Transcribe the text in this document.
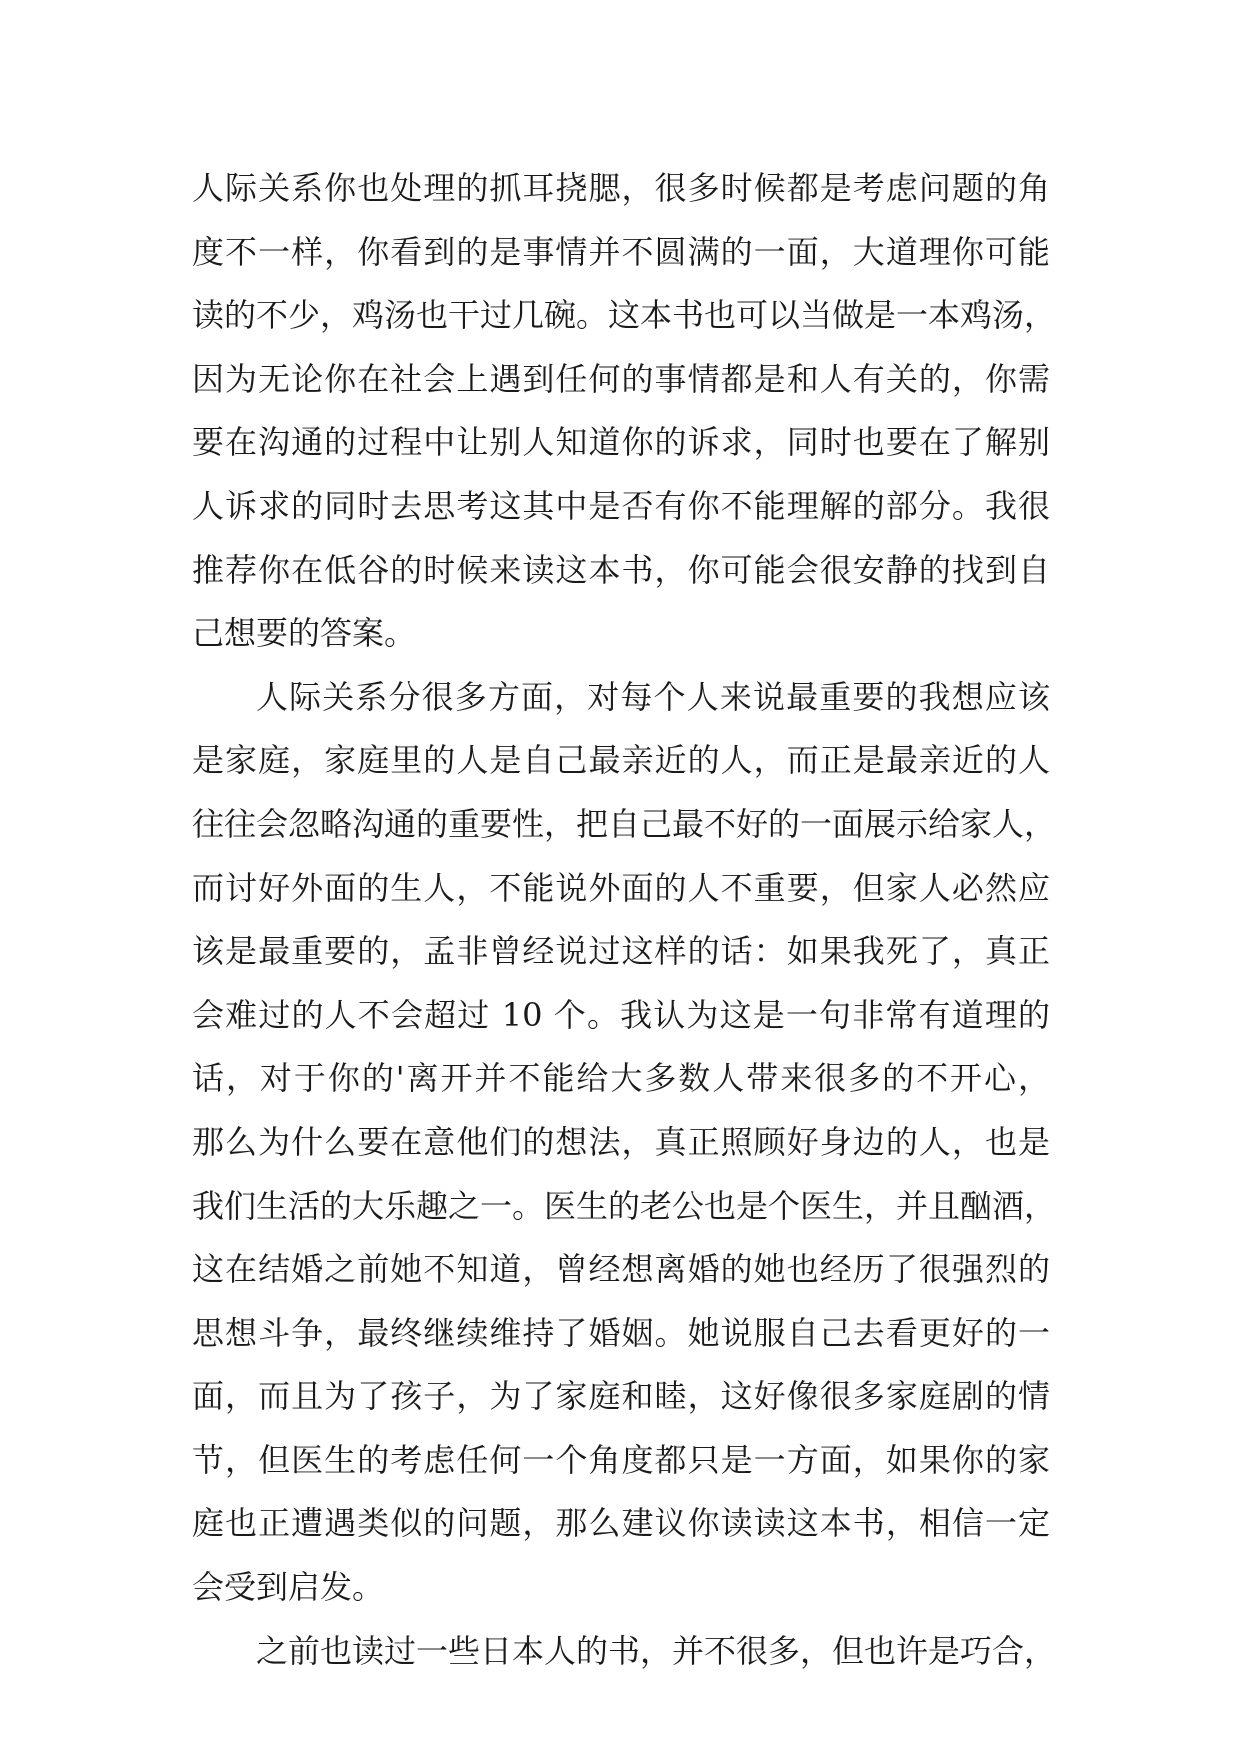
人际关系你也处理的抓耳挠腮，很多时候都是考虑问题的角
度不一样，你看到的是事情并不圆满的一面，大道理你可能
读的不少，鸡汤也干过几碗。这本书也可以当做是一本鸡汤，
因为无论你在社会上遇到任何的事情都是和人有关的，你需
要在沟通的过程中让别人知道你的诉求，同时也要在了解别
人诉求的同时去思考这其中是否有你不能理解的部分。我很
推荐你在低谷的时候来读这本书，你可能会很安静的找到自
己想要的答案。
人际关系分很多方面，对每个人来说最重要的我想应该
是家庭，家庭里的人是自己最亲近的人，而正是最亲近的人
往往会忽略沟通的重要性，把自己最不好的一面展示给家人，
而讨好外面的生人，不能说外面的人不重要，但家人必然应
该是最重要的，孟非曾经说过这样的话：如果我死了，真正
会难过的人不会超过 10 个。我认为这是一句非常有道理的
话，对于你的'离开并不能给大多数人带来很多的不开心，
那么为什么要在意他们的想法，真正照顾好身边的人，也是
我们生活的大乐趣之一。医生的老公也是个医生，并且酗酒，
这在结婚之前她不知道，曾经想离婚的她也经历了很强烈的
思想斗争，最终继续维持了婚姻。她说服自己去看更好的一
面，而且为了孩子，为了家庭和睦，这好像很多家庭剧的情
节，但医生的考虑任何一个角度都只是一方面，如果你的家
庭也正遭遇类似的问题，那么建议你读读这本书，相信一定
会受到启发。
之前也读过一些日本人的书，并不很多，但也许是巧合，
